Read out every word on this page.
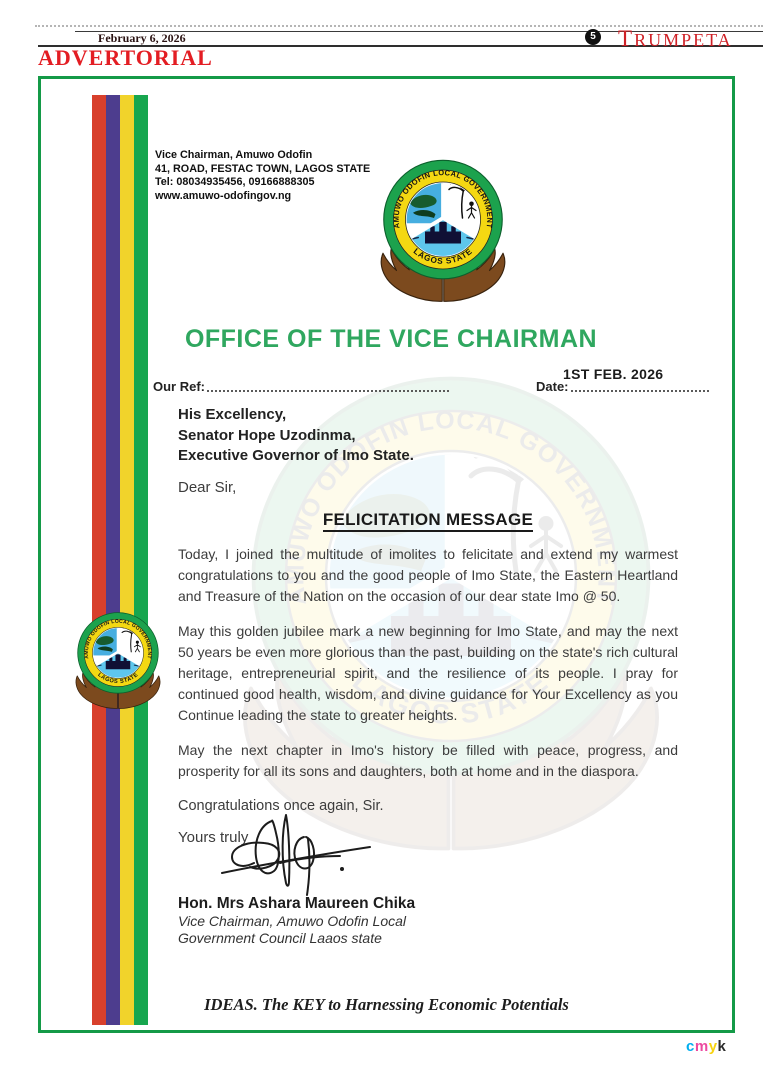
February 6, 2026	5 TRUMPETA
ADVERTORIAL
Vice Chairman, Amuwo Odofin
41, ROAD, FESTAC TOWN, LAGOS STATE
Tel: 08034935456, 09166888305
www.amuwo-odofingov.ng
OFFICE OF THE VICE CHAIRMAN
Our Ref:	Date:
1ST FEB. 2026
His Excellency,
Senator Hope Uzodinma,
Executive Governor of Imo State.
Dear Sir,
FELICITATION MESSAGE

Today, I joined the multitude of imolites to felicitate and extend my warmest congratulations to you and the good people of Imo State, the Eastern Heartland and Treasure of the Nation on the occasion of our dear state Imo @ 50.

May this golden jubilee mark a new beginning for Imo State, and may the next 50 years be even more glorious than the past, building on the state's rich cultural heritage, entrepreneurial spirit, and the resilience of its people. I pray for continued good health, wisdom, and divine guidance for Your Excellency as you Continue leading the state to greater heights.

May the next chapter in Imo's history be filled with peace, progress, and prosperity for all its sons and daughters, both at home and in the diaspora.

Congratulations once again, Sir.
Yours truly
Hon. Mrs Ashara Maureen Chika
Vice Chairman, Amuwo Odofin Local
Government Council Laaos state
IDEAS. The KEY to Harnessing Economic Potentials
cmyk
